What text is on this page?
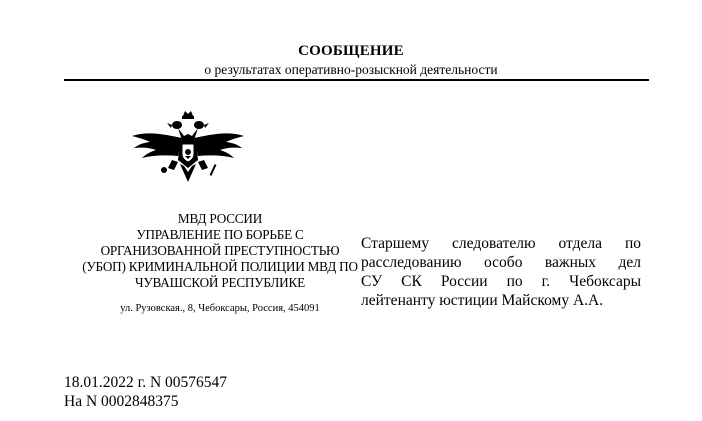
СООБЩЕНИЕ
о результатах оперативно-розыскной деятельности
МВД РОССИИ
УПРАВЛЕНИЕ ПО БОРЬБЕ С
ОРГАНИЗОВАННОЙ ПРЕСТУПНОСТЬЮ
(УБОП) КРИМИНАЛЬНОЙ ПОЛИЦИИ МВД ПО
ЧУВАШСКОЙ РЕСПУБЛИКЕ
ул. Рузовская., 8, Чебоксары, Россия, 454091
Старшему следователю отдела по
расследованию особо важных дел
СУ СК России по г. Чебоксары
лейтенанту юстиции Майскому А.А.
18.01.2022 г. N 00576547
На N 0002848375
